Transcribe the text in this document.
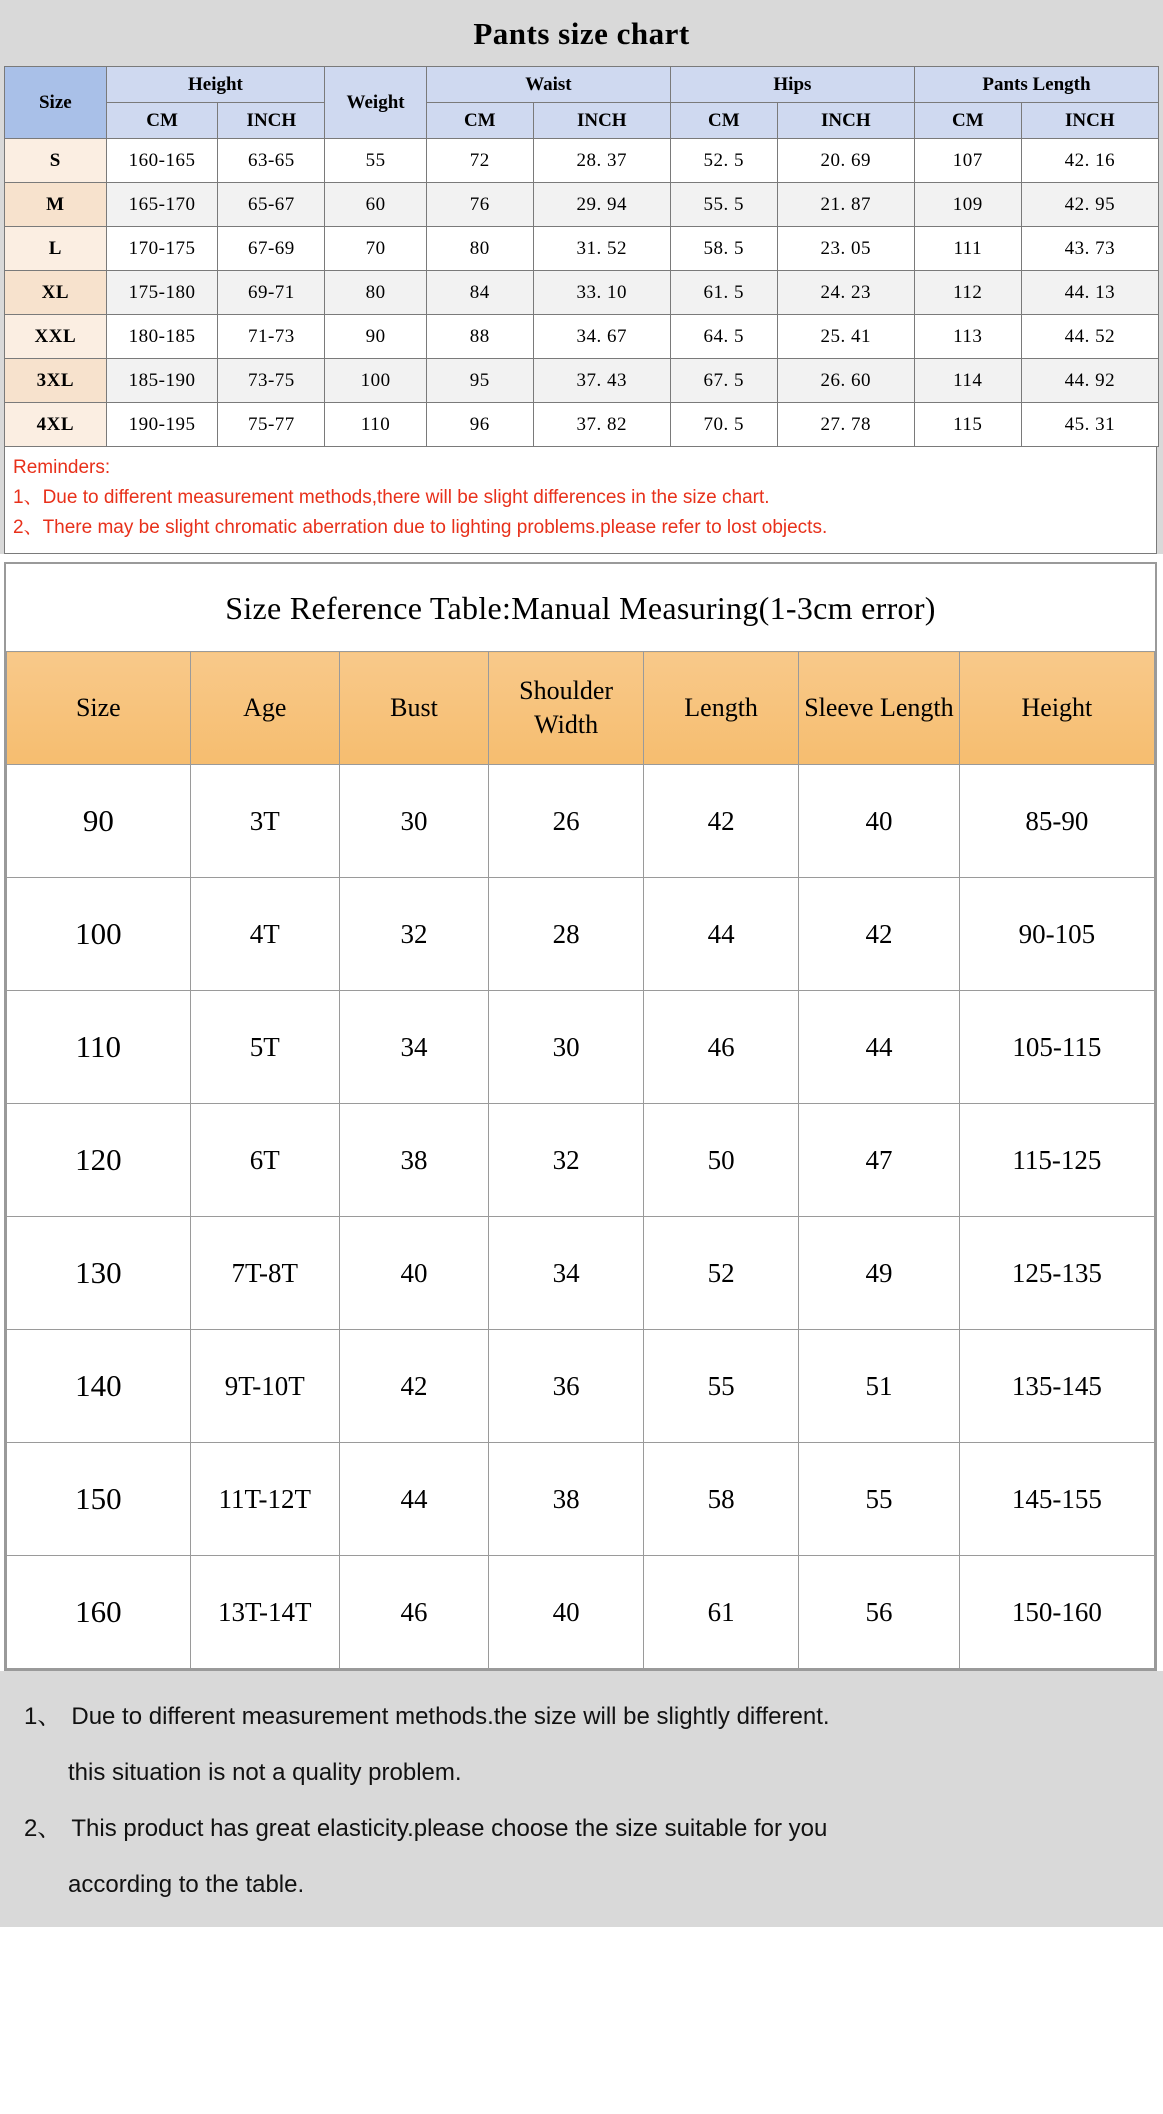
Pants size chart
Size	Height		Weight	Waist		Hips		Pants Length	
	CM	INCH		CM	INCH	CM	INCH	CM	INCH
S	160-165	63-65	55	72	28. 37	52. 5	20. 69	107	42. 16
M	165-170	65-67	60	76	29. 94	55. 5	21. 87	109	42. 95
L	170-175	67-69	70	80	31. 52	58. 5	23. 05	111	43. 73
XL	175-180	69-71	80	84	33. 10	61. 5	24. 23	112	44. 13
XXL	180-185	71-73	90	88	34. 67	64. 5	25. 41	113	44. 52
3XL	185-190	73-75	100	95	37. 43	67. 5	26. 60	114	44. 92
4XL	190-195	75-77	110	96	37. 82	70. 5	27. 78	115	45. 31
Reminders:
1、Due to different measurement methods,there will be slight differences in the size chart.
2、There may be slight chromatic aberration due to lighting problems.please refer to lost objects.
Size Reference Table:Manual Measuring(1-3cm error)
Size	Age	Bust	Shoulder Width	Length	Sleeve Length	Height
90	3T	30	26	42	40	85-90
100	4T	32	28	44	42	90-105
110	5T	34	30	46	44	105-115
120	6T	38	32	50	47	115-125
130	7T-8T	40	34	52	49	125-135
140	9T-10T	42	36	55	51	135-145
150	11T-12T	44	38	58	55	145-155
160	13T-14T	46	40	61	56	150-160
1、 Due to different measurement methods.the size will be slightly different.
this situation is not a quality problem.
2、 This product has great elasticity.please choose the size suitable for you
according to the table.
